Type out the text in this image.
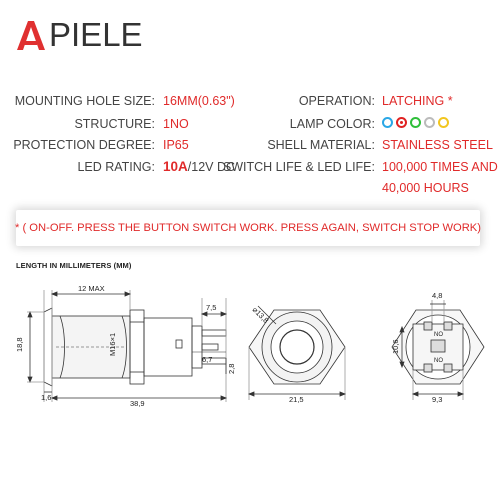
PIELE
MOUNTING HOLE SIZE: 16MM(0.63")
STRUCTURE: 1NO
PROTECTION DEGREE: IP65
LED RATING: 10A/12V DC
OPERATION: LATCHING *
LAMP COLOR:
SHELL MATERIAL: STAINLESS STEEL
SWITCH LIFE & LED LIFE: 100,000 TIMES AND
40,000 HOURS
* ( ON-OFF. PRESS THE BUTTON SWITCH WORK. PRESS AGAIN, SWITCH STOP WORK)
LENGTH IN MILLIMETERS (MM)
12 MAX
7,5
18,8	M16×1
6,7
2,8
1,6
38,9
⌀13,8
21,5
4,8
10,6
9,3
NO
NO
